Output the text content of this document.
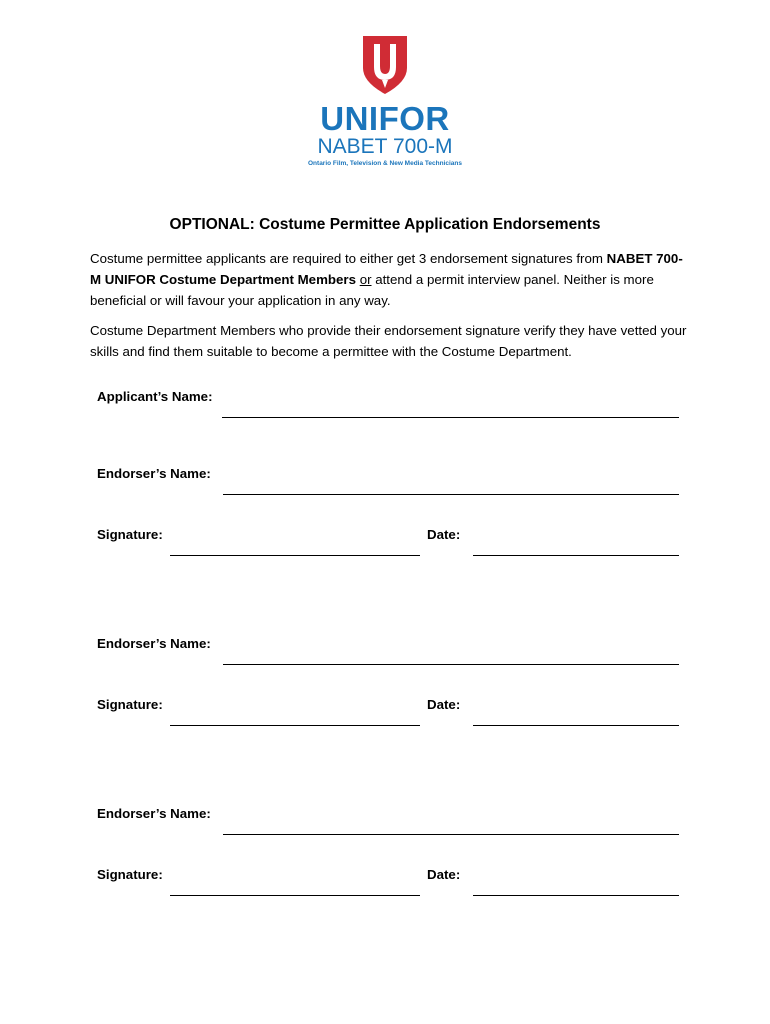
UNIFOR
NABET 700-M
Ontario Film, Television & New Media Technicians
OPTIONAL: Costume Permittee Application Endorsements
Costume permittee applicants are required to either get 3 endorsement signatures from NABET 700-M UNIFOR Costume Department Members or attend a permit interview panel. Neither is more beneficial or will favour your application in any way.
Costume Department Members who provide their endorsement signature verify they have vetted your skills and find them suitable to become a permittee with the Costume Department.
Applicant’s Name:
Endorser’s Name:
Signature:	Date:
Endorser’s Name:
Signature:	Date:
Endorser’s Name:
Signature:	Date:
